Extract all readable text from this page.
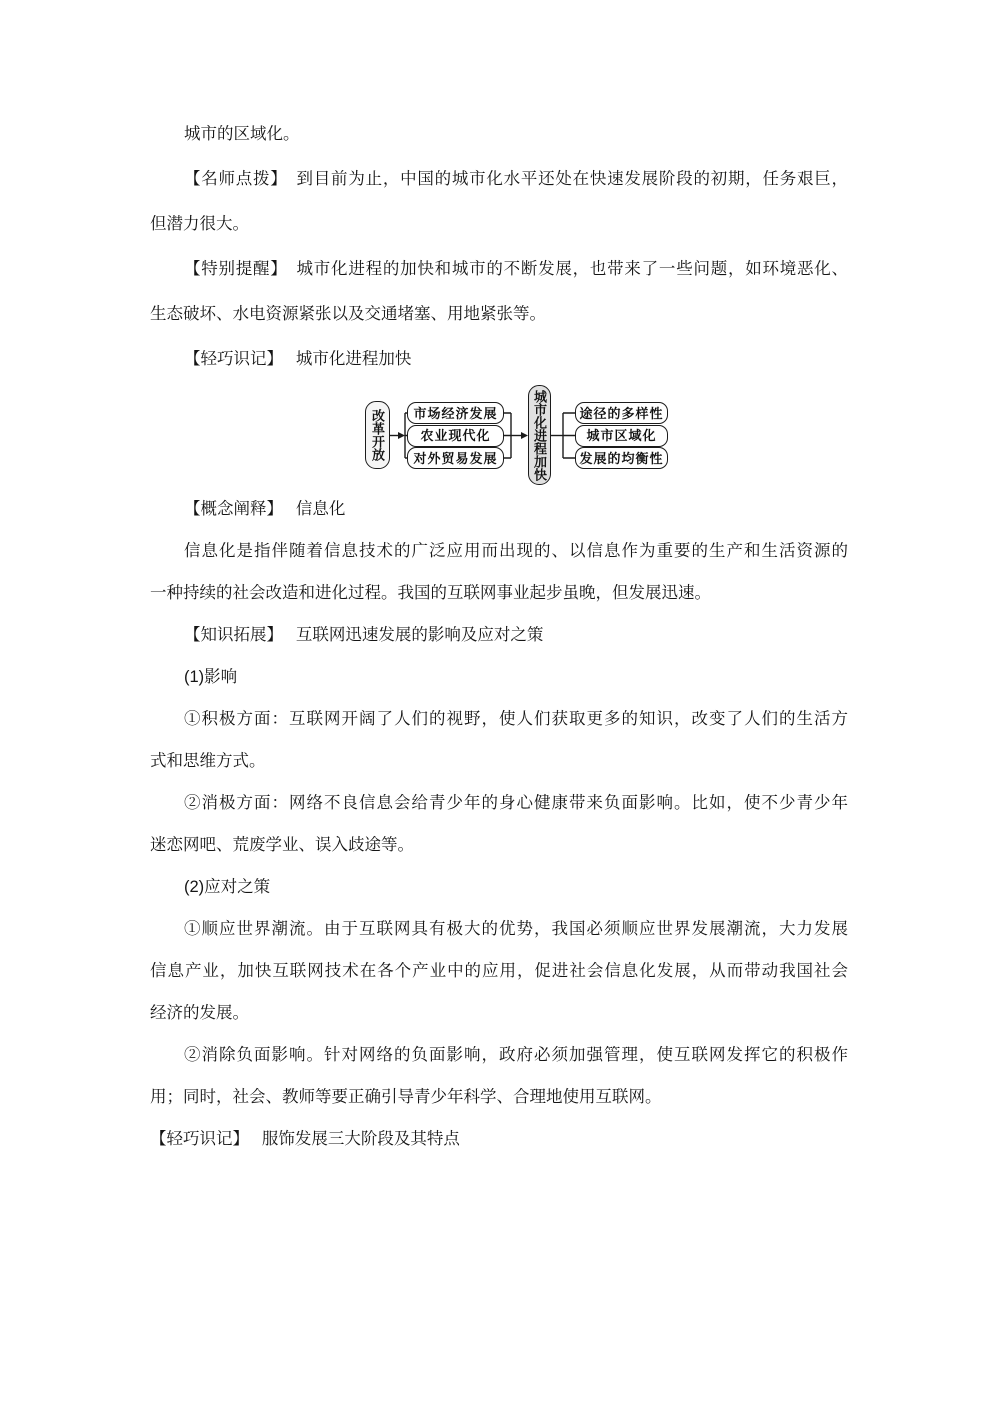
城市的区域化。
【名师点拨】　到目前为止，中国的城市化水平还处在快速发展阶段的初期，任务艰巨，
但潜力很大。
【特别提醒】　城市化进程的加快和城市的不断发展，也带来了一些问题，如环境恶化、
生态破坏、水电资源紧张以及交通堵塞、用地紧张等。
【轻巧识记】　 城市化进程加快
改革开放	市场经济发展
农业现代化
对外贸易发展	城市化进程加快	途径的多样性
城市区域化
发展的均衡性
【概念阐释】　 信息化
信息化是指伴随着信息技术的广泛应用而出现的、以信息作为重要的生产和生活资源的
一种持续的社会改造和进化过程。我国的互联网事业起步虽晚，但发展迅速。
【知识拓展】　 互联网迅速发展的影响及应对之策
(1)影响
①积极方面：互联网开阔了人们的视野，使人们获取更多的知识，改变了人们的生活方
式和思维方式。
②消极方面：网络不良信息会给青少年的身心健康带来负面影响。比如，使不少青少年
迷恋网吧、荒废学业、误入歧途等。
(2)应对之策
①顺应世界潮流。由于互联网具有极大的优势，我国必须顺应世界发展潮流，大力发展
信息产业，加快互联网技术在各个产业中的应用，促进社会信息化发展，从而带动我国社会
经济的发展。
②消除负面影响。针对网络的负面影响，政府必须加强管理，使互联网发挥它的积极作
用；同时，社会、教师等要正确引导青少年科学、合理地使用互联网。
【轻巧识记】　 服饰发展三大阶段及其特点
